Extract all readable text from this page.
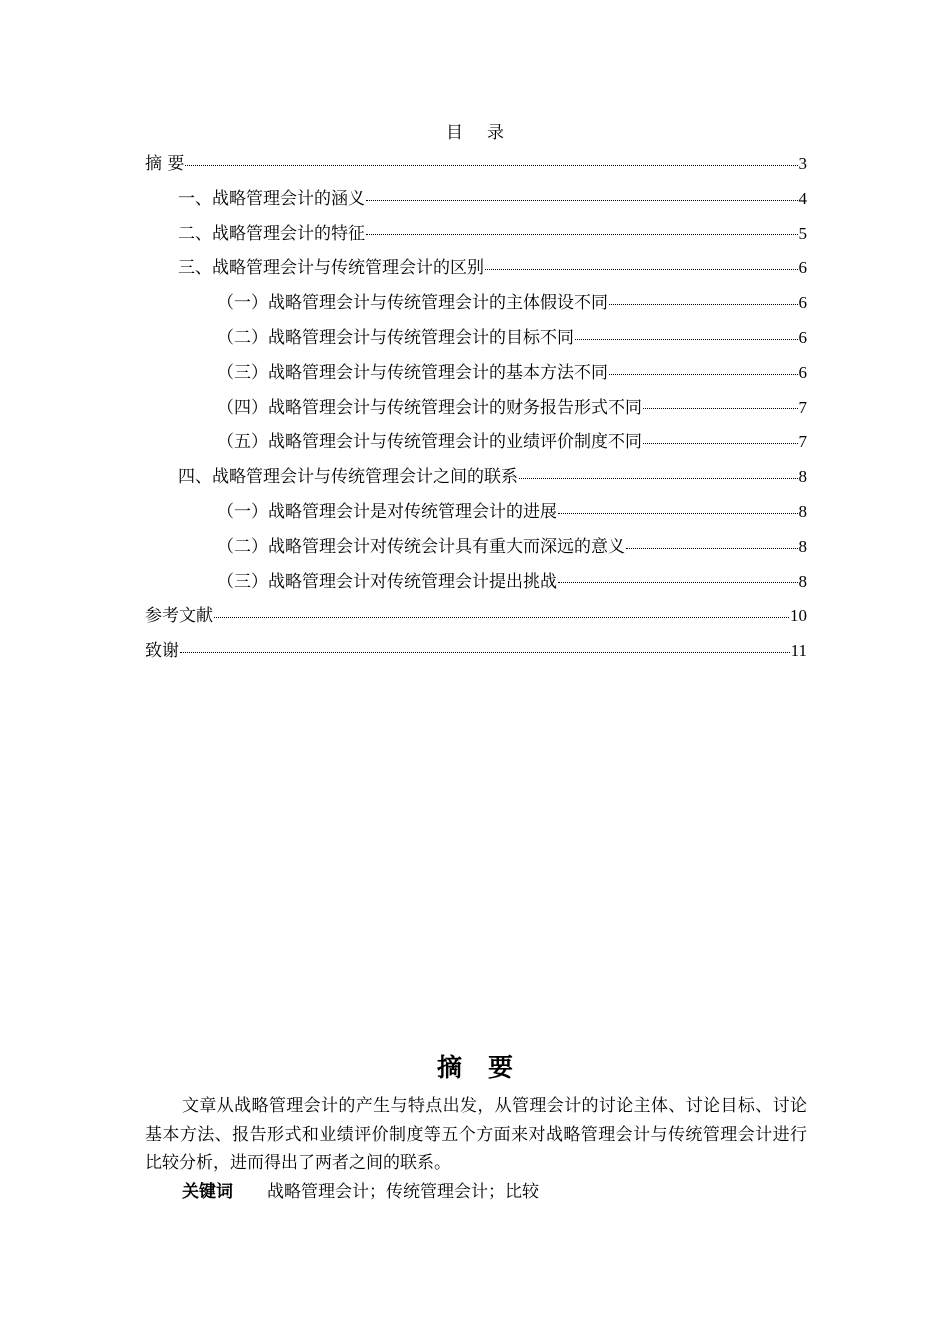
目录
摘 要	3
一、战略管理会计的涵义	4
二、战略管理会计的特征	5
三、战略管理会计与传统管理会计的区别	6
（一）战略管理会计与传统管理会计的主体假设不同	6
（二）战略管理会计与传统管理会计的目标不同	6
（三）战略管理会计与传统管理会计的基本方法不同	6
（四）战略管理会计与传统管理会计的财务报告形式不同	7
（五）战略管理会计与传统管理会计的业绩评价制度不同	7
四、战略管理会计与传统管理会计之间的联系	8
（一）战略管理会计是对传统管理会计的进展	8
（二）战略管理会计对传统会计具有重大而深远的意义	8
（三）战略管理会计对传统管理会计提出挑战	8
参考文献	10
致谢	11
摘要
文章从战略管理会计的产生与特点出发，从管理会计的讨论主体、讨论目标、讨论基本方法、报告形式和业绩评价制度等五个方面来对战略管理会计与传统管理会计进行比较分析，进而得出了两者之间的联系。
关键词 战略管理会计；传统管理会计；比较
